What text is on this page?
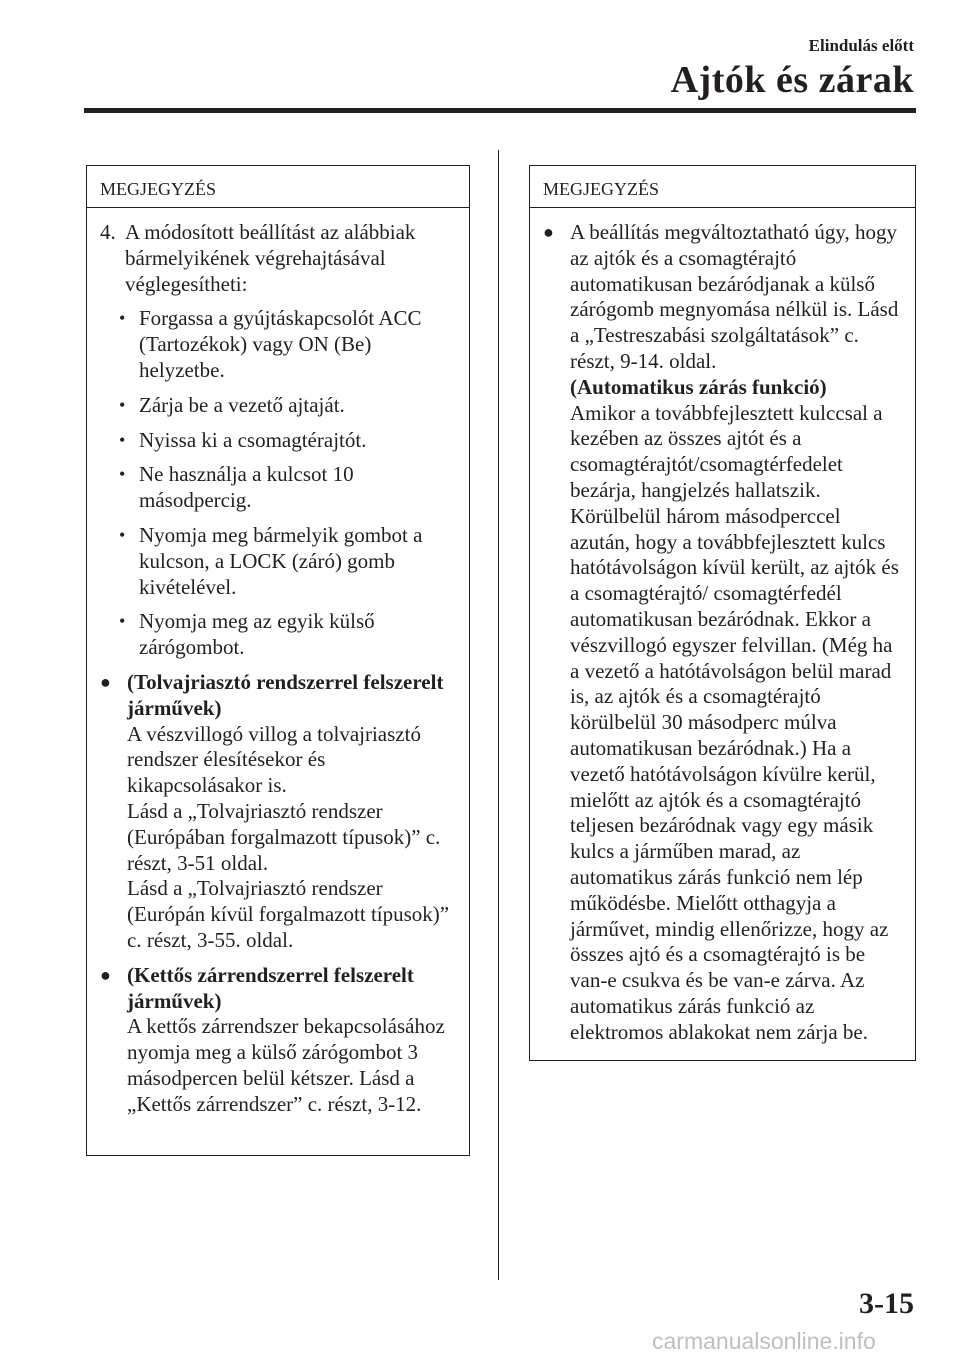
Elindulás előtt
Ajtók és zárak
MEGJEGYZÉS
4. A módosított beállítást az alábbiak bármelyikének végrehajtásával véglegesítheti:
• Forgassa a gyújtáskapcsolót ACC (Tartozékok) vagy ON (Be) helyzetbe.
• Zárja be a vezető ajtaját.
• Nyissa ki a csomagtérajtót.
• Ne használja a kulcsot 10 másodpercig.
• Nyomja meg bármelyik gombot a kulcson, a LOCK (záró) gomb kivételével.
• Nyomja meg az egyik külső zárógombot.
● (Tolvajriasztó rendszerrel felszerelt járművek)
A vészvillogó villog a tolvajriasztó rendszer élesítésekor és kikapcsolásakor is.
Lásd a „Tolvajriasztó rendszer (Európában forgalmazott típusok)” c. részt, 3-51 oldal.
Lásd a „Tolvajriasztó rendszer (Európán kívül forgalmazott típusok)” c. részt, 3-55. oldal.
● (Kettős zárrendszerrel felszerelt járművek)
A kettős zárrendszer bekapcsolásához nyomja meg a külső zárógombot 3 másodpercen belül kétszer. Lásd a „Kettős zárrendszer” c. részt, 3-12.
MEGJEGYZÉS
● A beállítás megváltoztatható úgy, hogy az ajtók és a csomagtérajtó automatikusan bezáródjanak a külső zárógomb megnyomása nélkül is. Lásd a „Testreszabási szolgáltatások” c. részt, 9-14. oldal.
(Automatikus zárás funkció)
Amikor a továbbfejlesztett kulccsal a kezében az összes ajtót és a csomagtérajtót/csomagtérfedelet bezárja, hangjelzés hallatszik. Körülbelül három másodperccel azután, hogy a továbbfejlesztett kulcs hatótávolságon kívül került, az ajtók és a csomagtérajtó/ csomagtérfedél automatikusan bezáródnak. Ekkor a vészvillogó egyszer felvillan. (Még ha a vezető a hatótávolságon belül marad is, az ajtók és a csomagtérajtó körülbelül 30 másodperc múlva automatikusan bezáródnak.) Ha a vezető hatótávolságon kívülre kerül, mielőtt az ajtók és a csomagtérajtó teljesen bezáródnak vagy egy másik kulcs a járműben marad, az automatikus zárás funkció nem lép működésbe. Mielőtt otthagyja a járművet, mindig ellenőrizze, hogy az összes ajtó és a csomagtérajtó is be van-e csukva és be van-e zárva. Az automatikus zárás funkció az elektromos ablakokat nem zárja be.
3-15
carmanualsonline.info
